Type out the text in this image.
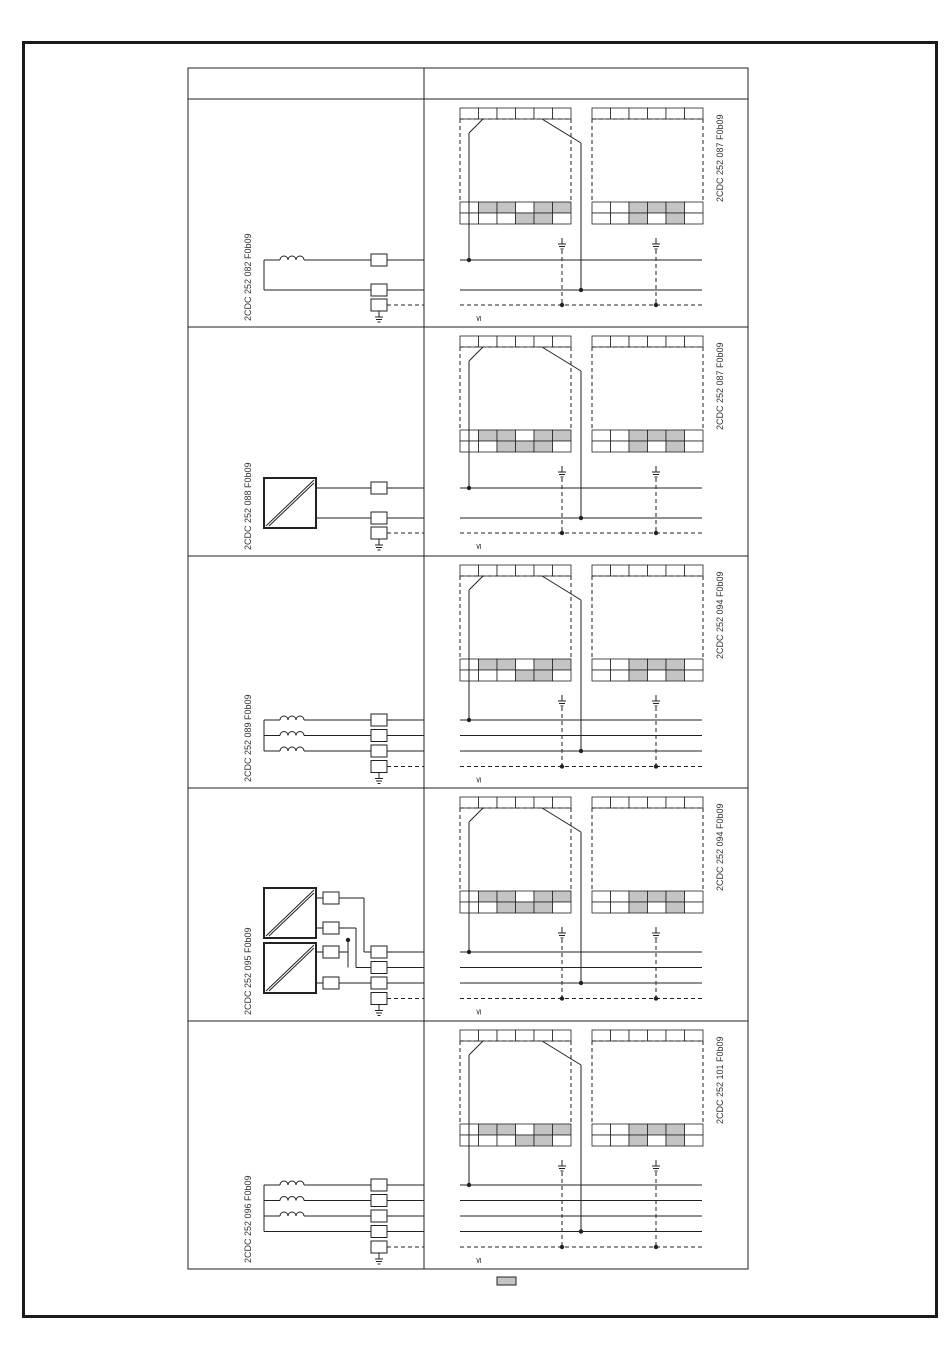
2CDC 252 082 F0b09
2CDC 252 087 F0b09
≤
2CDC 252 088 F0b09
2CDC 252 087 F0b09
≤
2CDC 252 089 F0b09
2CDC 252 094 F0b09
≤
2CDC 252 095 F0b09
2CDC 252 094 F0b09
≤
2CDC 252 096 F0b09
2CDC 252 101 F0b09
≤
